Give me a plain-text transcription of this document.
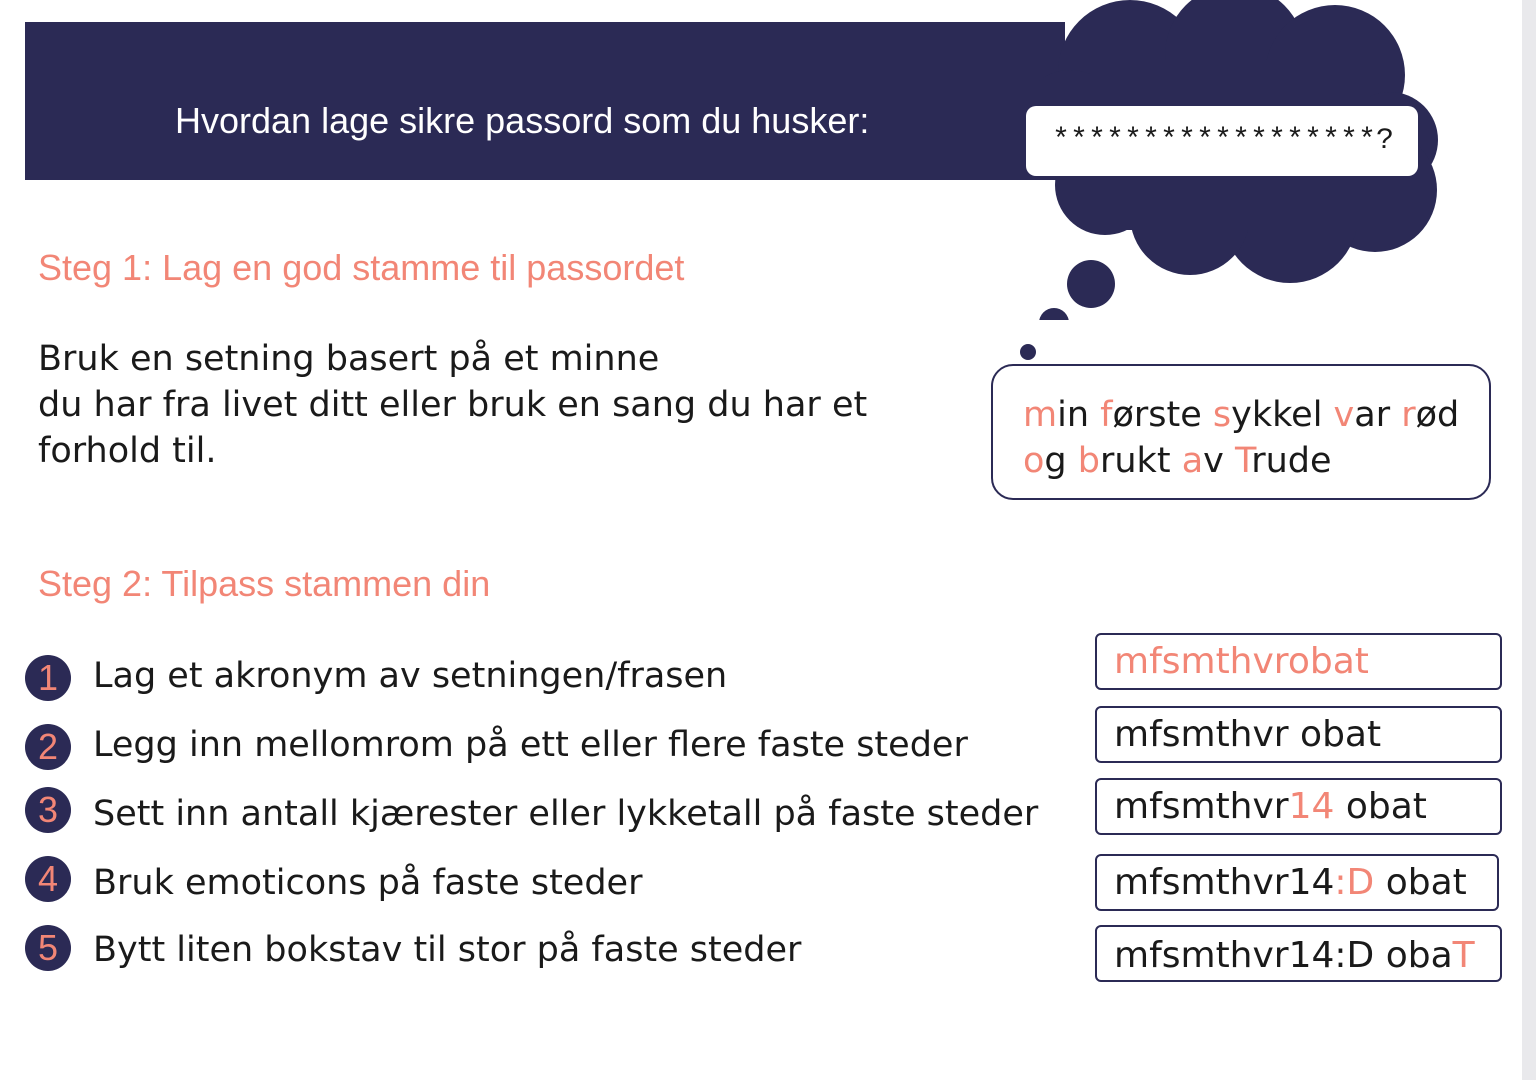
Hvordan lage sikre passord som du husker:	******************?
Steg 1: Lag en god stamme til passordet

Bruk en setning basert på et minne
du har fra livet ditt eller bruk en sang du har et
forhold til.

min første sykkel var rød
og brukt av Trude
Steg 2: Tilpass stammen din
1 Lag et akronym av setningen/frasen	mfsmthvrobat
2 Legg inn mellomrom på ett eller flere faste steder	mfsmthvr obat
3 Sett inn antall kjærester eller lykketall på faste steder	mfsmthvr14 obat
4 Bruk emoticons på faste steder	mfsmthvr14:D obat
5 Bytt liten bokstav til stor på faste steder	mfsmthvr14:D obaT
